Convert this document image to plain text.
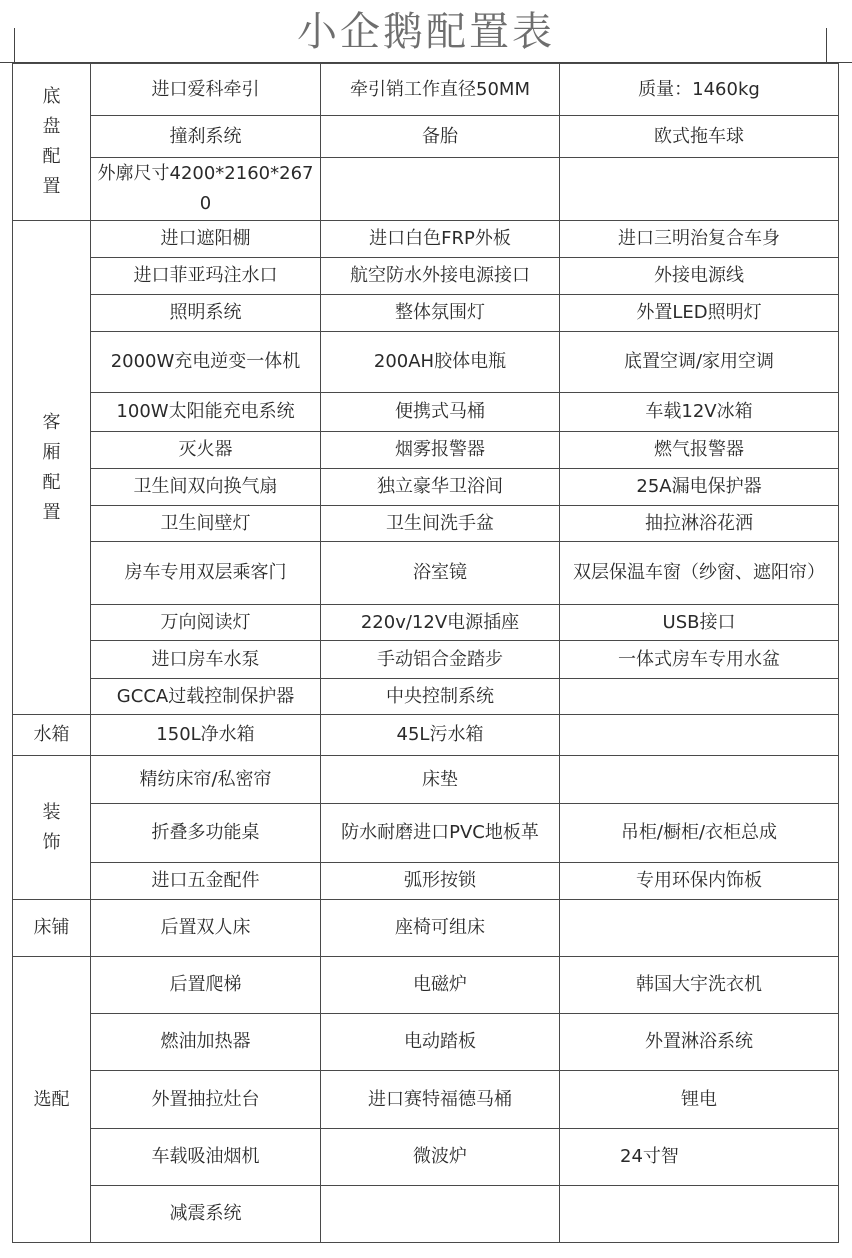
小企鹅配置表
底盘配置	进口爱科牵引	牵引销工作直径50MM	质量：1460kg
	撞刹系统	备胎	欧式拖车球
	外廓尺寸4200*2160*2670		
客厢配置	进口遮阳棚	进口白色FRP外板	进口三明治复合车身
	进口菲亚玛注水口	航空防水外接电源接口	外接电源线
	照明系统	整体氛围灯	外置LED照明灯
	2000W充电逆变一体机	200AH胶体电瓶	底置空调/家用空调
	100W太阳能充电系统	便携式马桶	车载12V冰箱
	灭火器	烟雾报警器	燃气报警器
	卫生间双向换气扇	独立豪华卫浴间	25A漏电保护器
	卫生间壁灯	卫生间洗手盆	抽拉淋浴花洒
	房车专用双层乘客门	浴室镜	双层保温车窗（纱窗、遮阳帘）
	万向阅读灯	220v/12V电源插座	USB接口
	进口房车水泵	手动铝合金踏步	一体式房车专用水盆
	GCCA过载控制保护器	中央控制系统	
水箱	150L净水箱	45L污水箱	
装饰	精纺床帘/私密帘	床垫	
	折叠多功能桌	防水耐磨进口PVC地板革	吊柜/橱柜/衣柜总成
	进口五金配件	弧形按锁	专用环保内饰板
床铺	后置双人床	座椅可组床	
选配	后置爬梯	电磁炉	韩国大宇洗衣机
	燃油加热器	电动踏板	外置淋浴系统
	外置抽拉灶台	进口赛特福德马桶	锂电
	车载吸油烟机	微波炉	24寸智
	减震系统		
